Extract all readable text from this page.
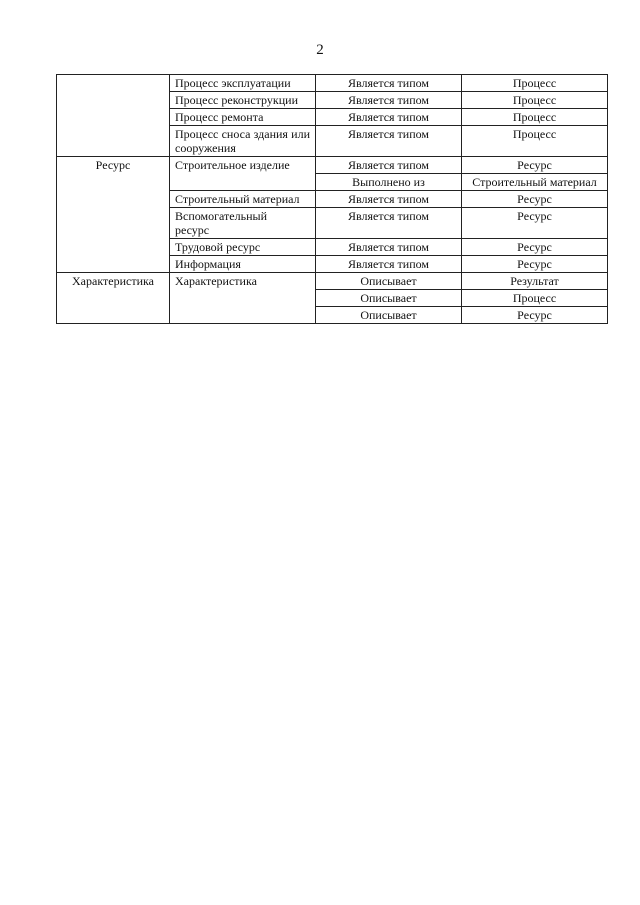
2
	Процесс эксплуатации	Является типом	Процесс
	Процесс реконструкции	Является типом	Процесс
	Процесс ремонта	Является типом	Процесс
	Процесс сноса здания или сооружения	Является типом	Процесс
Ресурс	Строительное изделие	Является типом	Ресурс
		Выполнено из	Строительный материал
	Строительный материал	Является типом	Ресурс
	Вспомогательный ресурс	Является типом	Ресурс
	Трудовой ресурс	Является типом	Ресурс
	Информация	Является типом	Ресурс
Характеристика	Характеристика	Описывает	Результат
		Описывает	Процесс
		Описывает	Ресурс
